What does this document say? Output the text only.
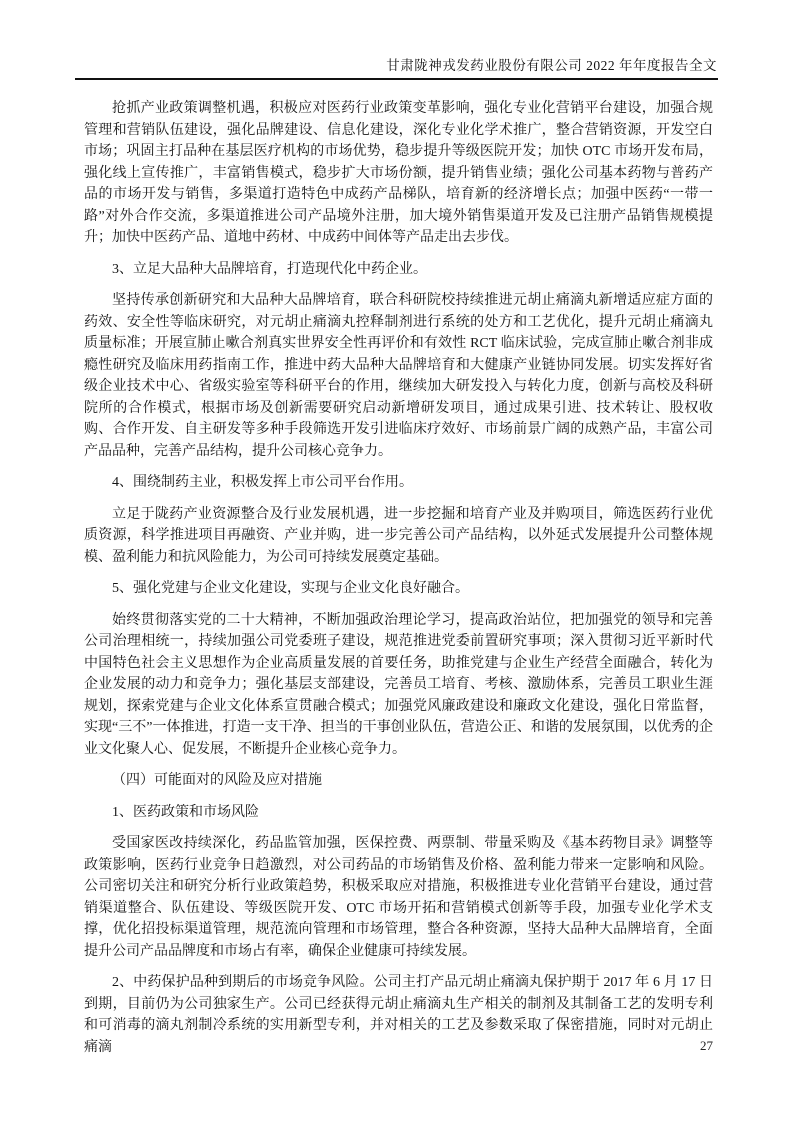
甘肃陇神戎发药业股份有限公司 2022 年年度报告全文

抢抓产业政策调整机遇，积极应对医药行业政策变革影响，强化专业化营销平台建设，加强合规管理和营销队伍建设，强化品牌建设、信息化建设，深化专业化学术推广，整合营销资源，开发空白市场；巩固主打品种在基层医疗机构的市场优势，稳步提升等级医院开发；加快 OTC 市场开发布局，强化线上宣传推广，丰富销售模式，稳步扩大市场份额，提升销售业绩；强化公司基本药物与普药产品的市场开发与销售，多渠道打造特色中成药产品梯队，培育新的经济增长点；加强中医药“一带一路”对外合作交流，多渠道推进公司产品境外注册，加大境外销售渠道开发及已注册产品销售规模提升；加快中医药产品、道地中药材、中成药中间体等产品走出去步伐。

3、立足大品种大品牌培育，打造现代化中药企业。

坚持传承创新研究和大品种大品牌培育，联合科研院校持续推进元胡止痛滴丸新增适应症方面的药效、安全性等临床研究，对元胡止痛滴丸控释制剂进行系统的处方和工艺优化，提升元胡止痛滴丸质量标准；开展宣肺止嗽合剂真实世界安全性再评价和有效性 RCT 临床试验，完成宣肺止嗽合剂非成瘾性研究及临床用药指南工作，推进中药大品种大品牌培育和大健康产业链协同发展。切实发挥好省级企业技术中心、省级实验室等科研平台的作用，继续加大研发投入与转化力度，创新与高校及科研院所的合作模式，根据市场及创新需要研究启动新增研发项目，通过成果引进、技术转让、股权收购、合作开发、自主研发等多种手段筛选开发引进临床疗效好、市场前景广阔的成熟产品，丰富公司产品品种，完善产品结构，提升公司核心竞争力。

4、围绕制药主业，积极发挥上市公司平台作用。

立足于陇药产业资源整合及行业发展机遇，进一步挖掘和培育产业及并购项目，筛选医药行业优质资源，科学推进项目再融资、产业并购，进一步完善公司产品结构，以外延式发展提升公司整体规模、盈利能力和抗风险能力，为公司可持续发展奠定基础。

5、强化党建与企业文化建设，实现与企业文化良好融合。

始终贯彻落实党的二十大精神，不断加强政治理论学习，提高政治站位，把加强党的领导和完善公司治理相统一，持续加强公司党委班子建设，规范推进党委前置研究事项；深入贯彻习近平新时代中国特色社会主义思想作为企业高质量发展的首要任务，助推党建与企业生产经营全面融合，转化为企业发展的动力和竞争力；强化基层支部建设，完善员工培育、考核、激励体系，完善员工职业生涯规划，探索党建与企业文化体系宣贯融合模式；加强党风廉政建设和廉政文化建设，强化日常监督，实现“三不”一体推进，打造一支干净、担当的干事创业队伍，营造公正、和谐的发展氛围，以优秀的企业文化聚人心、促发展，不断提升企业核心竞争力。

（四）可能面对的风险及应对措施

1、医药政策和市场风险

受国家医改持续深化，药品监管加强，医保控费、两票制、带量采购及《基本药物目录》调整等政策影响，医药行业竞争日趋激烈，对公司药品的市场销售及价格、盈利能力带来一定影响和风险。公司密切关注和研究分析行业政策趋势，积极采取应对措施，积极推进专业化营销平台建设，通过营销渠道整合、队伍建设、等级医院开发、OTC 市场开拓和营销模式创新等手段，加强专业化学术支撑，优化招投标渠道管理，规范流向管理和市场管理，整合各种资源，坚持大品种大品牌培育，全面提升公司产品品牌度和市场占有率，确保企业健康可持续发展。

2、中药保护品种到期后的市场竞争风险。公司主打产品元胡止痛滴丸保护期于 2017 年 6 月 17 日到期，目前仍为公司独家生产。公司已经获得元胡止痛滴丸生产相关的制剂及其制备工艺的发明专利和可消毒的滴丸剂制冷系统的实用新型专利，并对相关的工艺及参数采取了保密措施，同时对元胡止痛滴	27
